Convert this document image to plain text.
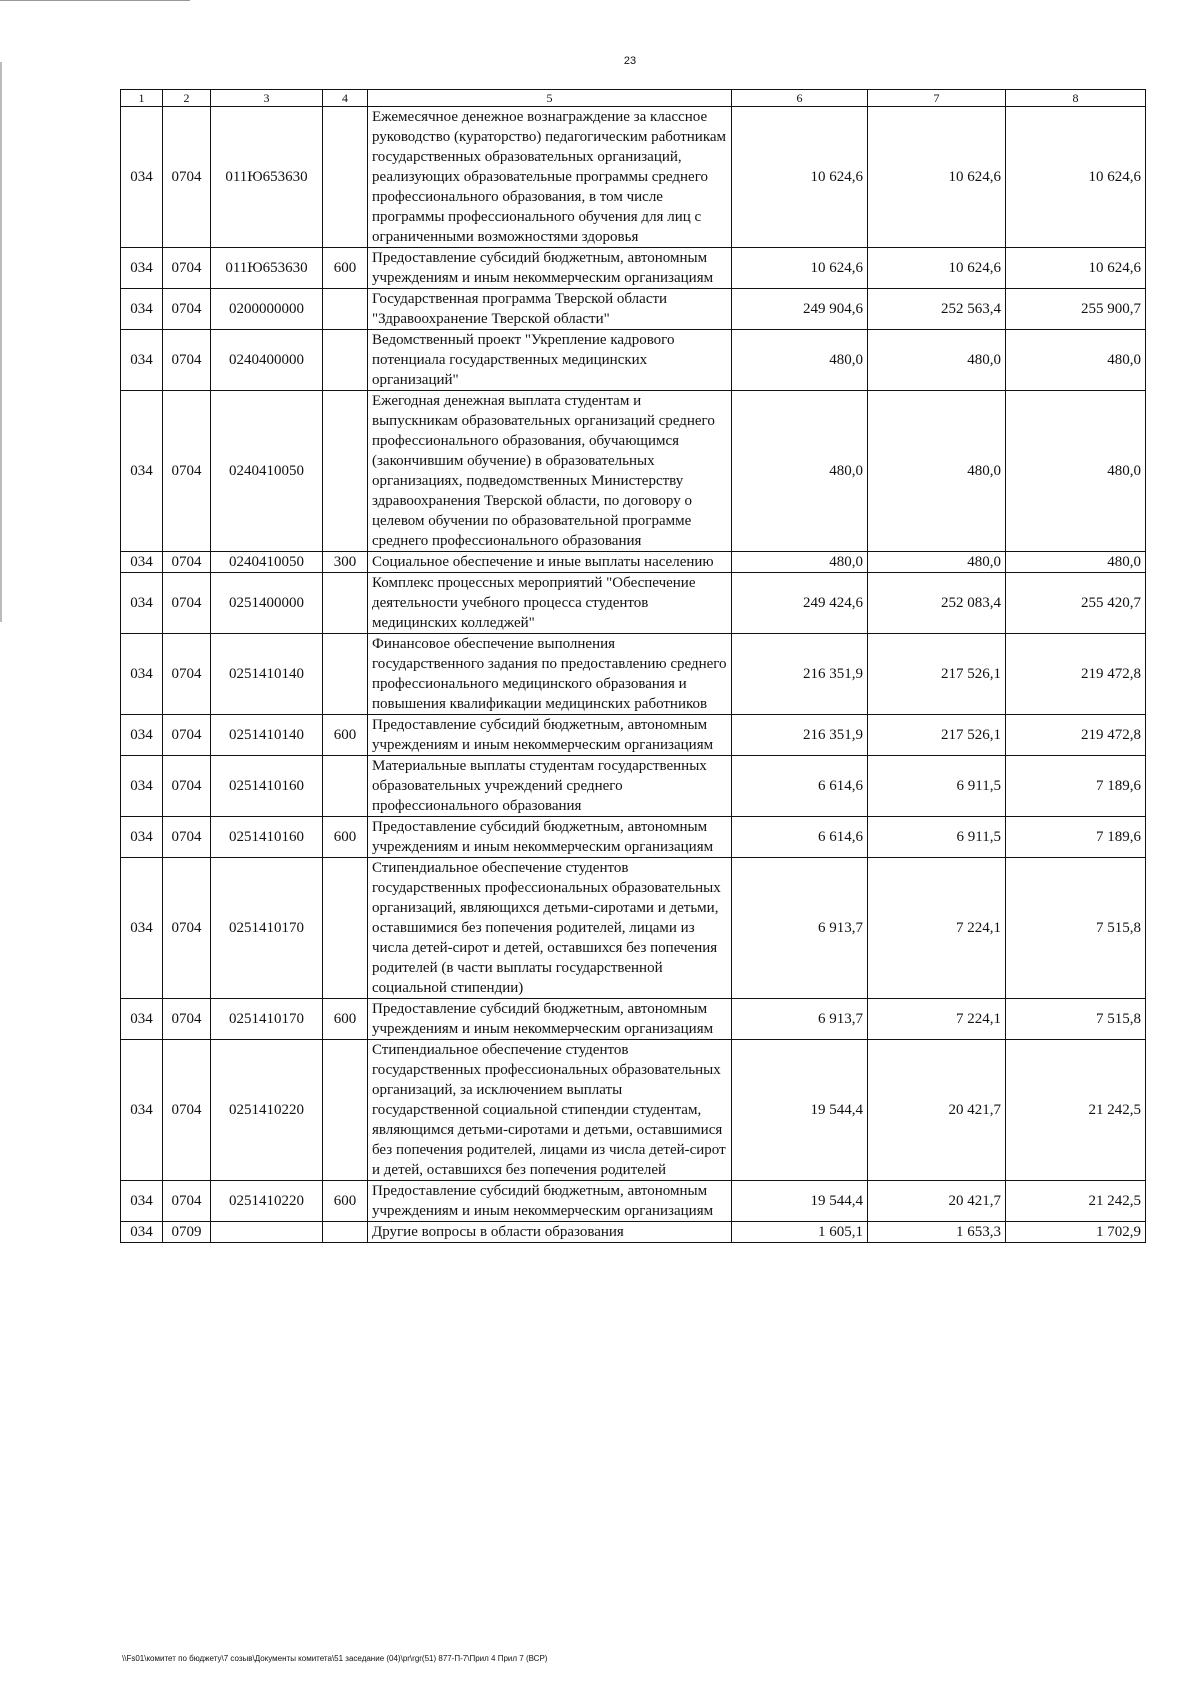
23
1	2	3	4	5	6	7	8
034	0704	011Ю653630		Ежемесячное денежное вознаграждение за классное руководство (кураторство) педагогическим работникам государственных образовательных организаций, реализующих образовательные программы среднего профессионального образования, в том числе программы профессионального обучения для лиц с ограниченными возможностями здоровья	10 624,6	10 624,6	10 624,6
034	0704	011Ю653630	600	Предоставление субсидий бюджетным, автономным учреждениям и иным некоммерческим организациям	10 624,6	10 624,6	10 624,6
034	0704	0200000000		Государственная программа Тверской области "Здравоохранение Тверской области"	249 904,6	252 563,4	255 900,7
034	0704	0240400000		Ведомственный проект "Укрепление кадрового потенциала государственных медицинских организаций"	480,0	480,0	480,0
034	0704	0240410050		Ежегодная денежная выплата студентам и выпускникам образовательных организаций среднего профессионального образования, обучающимся (закончившим обучение) в образовательных организациях, подведомственных Министерству здравоохранения Тверской области, по договору о целевом обучении по образовательной программе среднего профессионального образования	480,0	480,0	480,0
034	0704	0240410050	300	Социальное обеспечение и иные выплаты населению	480,0	480,0	480,0
034	0704	0251400000		Комплекс процессных мероприятий "Обеспечение деятельности учебного процесса студентов медицинских колледжей"	249 424,6	252 083,4	255 420,7
034	0704	0251410140		Финансовое обеспечение выполнения государственного задания по предоставлению среднего профессионального медицинского образования и повышения квалификации медицинских работников	216 351,9	217 526,1	219 472,8
034	0704	0251410140	600	Предоставление субсидий бюджетным, автономным учреждениям и иным некоммерческим организациям	216 351,9	217 526,1	219 472,8
034	0704	0251410160		Материальные выплаты студентам государственных образовательных учреждений среднего профессионального образования	6 614,6	6 911,5	7 189,6
034	0704	0251410160	600	Предоставление субсидий бюджетным, автономным учреждениям и иным некоммерческим организациям	6 614,6	6 911,5	7 189,6
034	0704	0251410170		Стипендиальное обеспечение студентов государственных профессиональных образовательных организаций, являющихся детьми-сиротами и детьми, оставшимися без попечения родителей, лицами из числа детей-сирот и детей, оставшихся без попечения родителей (в части выплаты государственной социальной стипендии)	6 913,7	7 224,1	7 515,8
034	0704	0251410170	600	Предоставление субсидий бюджетным, автономным учреждениям и иным некоммерческим организациям	6 913,7	7 224,1	7 515,8
034	0704	0251410220		Стипендиальное обеспечение студентов государственных профессиональных образовательных организаций, за исключением выплаты государственной социальной стипендии студентам, являющимся детьми-сиротами и детьми, оставшимися без попечения родителей, лицами из числа детей-сирот и детей, оставшихся без попечения родителей	19 544,4	20 421,7	21 242,5
034	0704	0251410220	600	Предоставление субсидий бюджетным, автономным учреждениям и иным некоммерческим организациям	19 544,4	20 421,7	21 242,5
034	0709			Другие вопросы в области образования	1 605,1	1 653,3	1 702,9
\\Fs01\комитет по бюджету\7 созыв\Документы комитета\51 заседание (04)\pr\rgr(51) 877-П-7\Прил 4 Прил 7 (ВСР)
